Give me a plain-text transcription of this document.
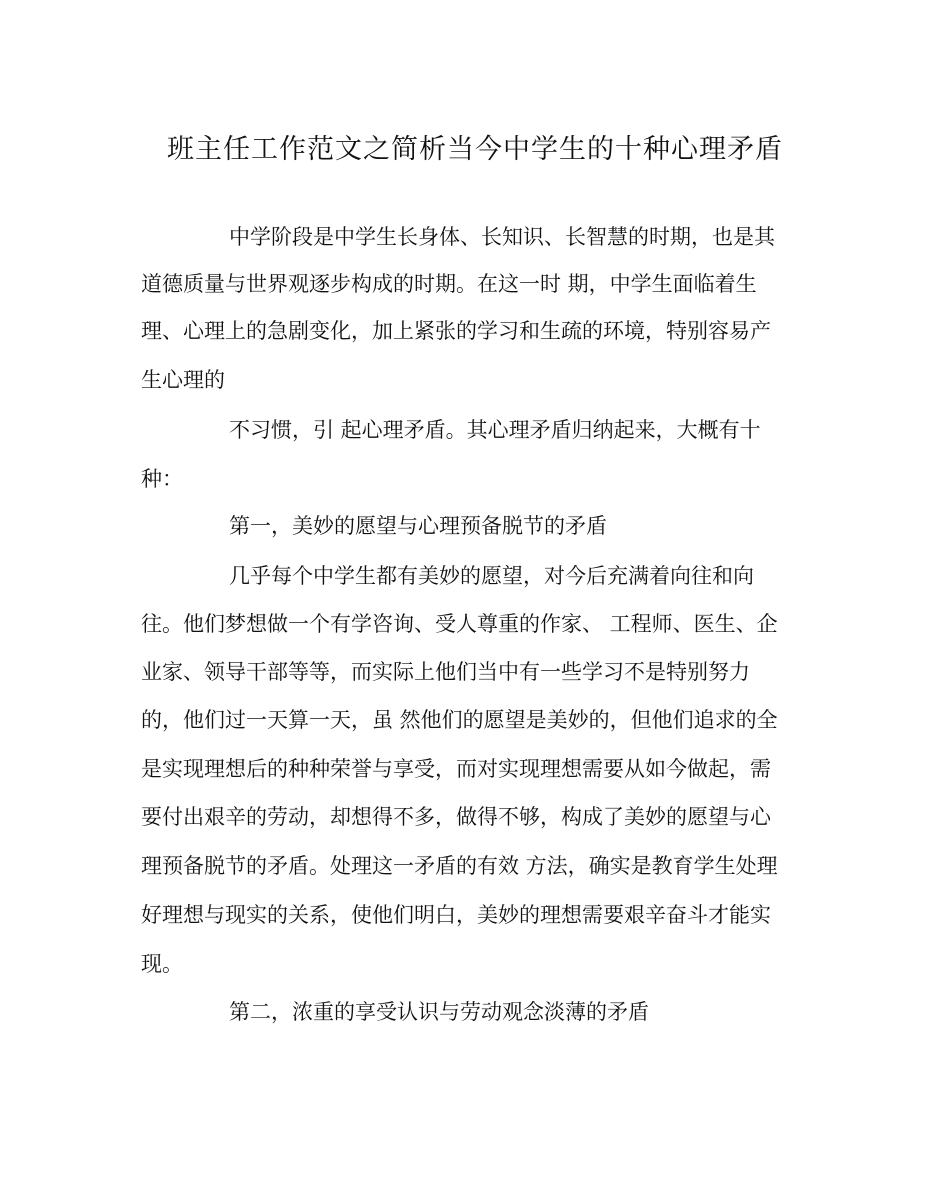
班主任工作范文之简析当今中学生的十种心理矛盾

中学阶段是中学生长身体、长知识、长智慧的时期，也是其

道德质量与世界观逐步构成的时期。在这一时 期，中学生面临着生

理、心理上的急剧变化，加上紧张的学习和生疏的环境，特别容易产

生心理的

不习惯，引 起心理矛盾。其心理矛盾归纳起来，大概有十

种：

第一，美妙的愿望与心理预备脱节的矛盾

几乎每个中学生都有美妙的愿望，对今后充满着向往和向

往。他们梦想做一个有学咨询、受人尊重的作家、 工程师、医生、企

业家、领导干部等等，而实际上他们当中有一些学习不是特别努力

的，他们过一天算一天，虽 然他们的愿望是美妙的，但他们追求的全

是实现理想后的种种荣誉与享受，而对实现理想需要从如今做起，需

要付出艰辛的劳动，却想得不多，做得不够，构成了美妙的愿望与心

理预备脱节的矛盾。处理这一矛盾的有效 方法，确实是教育学生处理

好理想与现实的关系，使他们明白，美妙的理想需要艰辛奋斗才能实

现。

第二，浓重的享受认识与劳动观念淡薄的矛盾
